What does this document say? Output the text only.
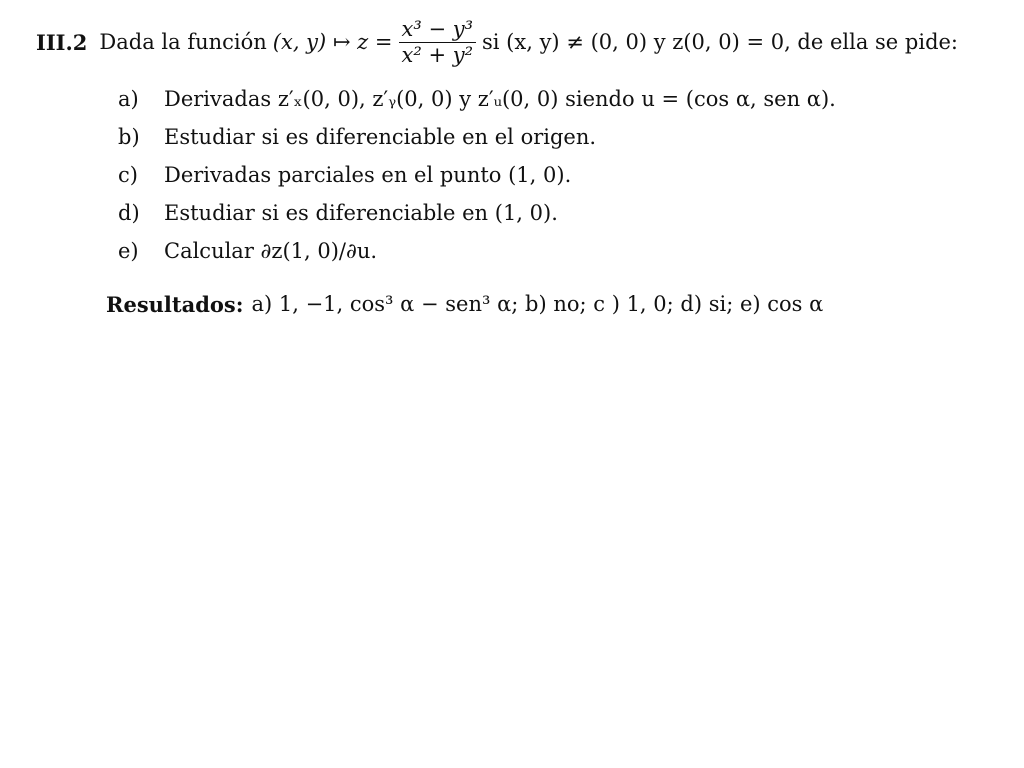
III.2 Dada la función (x, y) ↦ $z = \frac{\text{x³ − y³}}{\text{x² + y²}}$ si (x, y) ≠ (0, 0) y z(0, 0) = 0, de ella se pide:
a)	Derivadas z′ₓ(0, 0), z′ᵧ(0, 0) y z′ᵤ(0, 0) siendo u = (cos α, sen α).
b)	Estudiar si es diferenciable en el origen.
c)	Derivadas parciales en el punto (1, 0).
d)	Estudiar si es diferenciable en (1, 0).
e)	Calcular ∂z(1, 0)/∂u.
Resultados: a) 1, −1, cos³ α − sen³ α; b) no; c ) 1, 0; d) si; e) cos α
